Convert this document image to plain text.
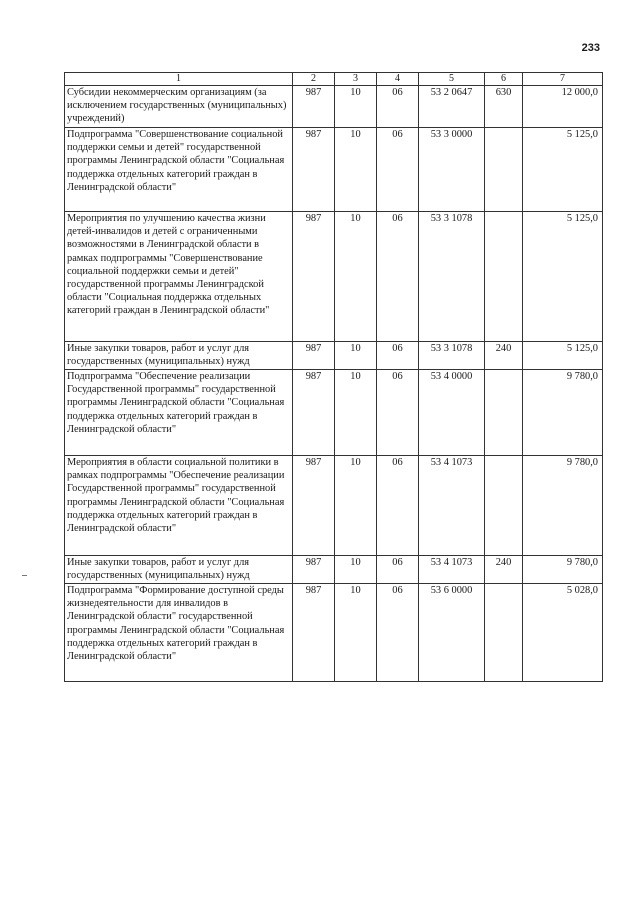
233
1	2	3	4	5	6	7
Субсидии некоммерческим организациям (за исключением государственных (муниципальных) учреждений)	987	10	06	53 2 0647	630	12 000,0
Подпрограмма "Совершенствование социальной поддержки семьи и детей" государственной программы Ленинградской области "Социальная поддержка отдельных категорий граждан в Ленинградской области"	987	10	06	53 3 0000		5 125,0
Мероприятия по улучшению качества жизни детей-инвалидов и детей с ограниченными возможностями в Ленинградской области в рамках подпрограммы "Совершенствование социальной поддержки семьи и детей" государственной программы Ленинградской области "Социальная поддержка отдельных категорий граждан в Ленинградской области"	987	10	06	53 3 1078		5 125,0
Иные закупки товаров, работ и услуг для государственных (муниципальных) нужд	987	10	06	53 3 1078	240	5 125,0
Подпрограмма "Обеспечение реализации Государственной программы" государственной программы Ленинградской области "Социальная поддержка отдельных категорий граждан в Ленинградской области"	987	10	06	53 4 0000		9 780,0
Мероприятия в области социальной политики в рамках подпрограммы "Обеспечение реализации Государственной программы" государственной программы Ленинградской области "Социальная поддержка отдельных категорий граждан в Ленинградской области"	987	10	06	53 4 1073		9 780,0
Иные закупки товаров, работ и услуг для государственных (муниципальных) нужд	987	10	06	53 4 1073	240	9 780,0
Подпрограмма "Формирование доступной среды жизнедеятельности для инвалидов в Ленинградской области" государственной программы Ленинградской области "Социальная поддержка отдельных категорий граждан в Ленинградской области"	987	10	06	53 6 0000		5 028,0
